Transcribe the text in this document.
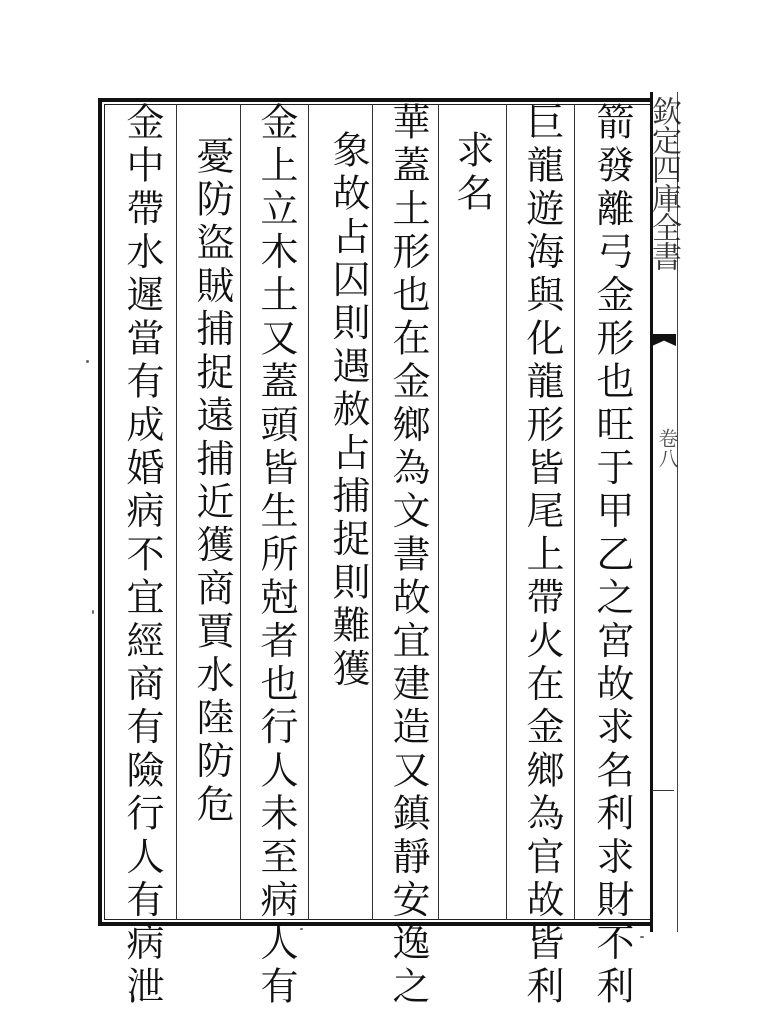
欽定四庫全書
卷八
箭發離弓金形也旺于甲乙之宮故求名利求財不利
巨龍遊海與化龍形皆尾上帶火在金鄉為官故皆利
求名
華蓋土形也在金鄉為文書故宜建造又鎮靜安逸之
象故占囚則遇赦占捕捉則難獲
金上立木土又蓋頭皆生所尅者也行人未至病人有
憂防盜賊捕捉遠捕近獲商賈水陸防危
金中帶水遲當有成婚病不宜經商有險行人有病泄
